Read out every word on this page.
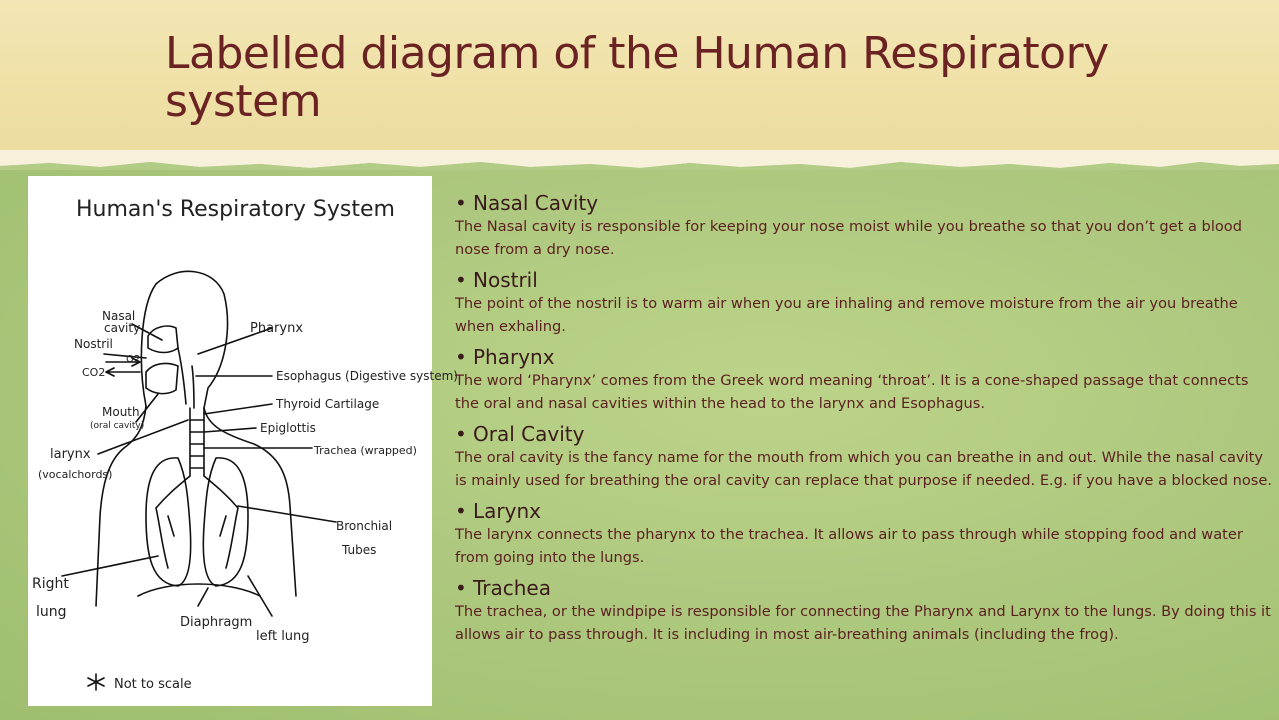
Labelled diagram of the Human Respiratory system
Human's Respiratory System
Nasal
cavity
Nostril
O2
CO2
Mouth
(oral cavity)
larynx
(vocalchords)
Pharynx
Esophagus (Digestive system)
Thyroid Cartilage
Epiglottis
Trachea (wrapped)
Bronchial
Tubes
Right
lung
Diaphragm
left lung
Not to scale

• Nasal Cavity

The Nasal cavity is responsible for keeping your nose moist while you breathe so that you don’t get a blood nose from a dry nose.

• Nostril

The point of the nostril is to warm air when you are inhaling and remove moisture from the air you breathe when exhaling.

• Pharynx

The word ‘Pharynx’ comes from the Greek word meaning ‘throat’. It is a cone-shaped passage that connects the oral and nasal cavities within the head to the larynx and Esophagus.

• Oral Cavity

The oral cavity is the fancy name for the mouth from which you can breathe in and out. While the nasal cavity is mainly used for breathing the oral cavity can replace that purpose if needed. E.g. if you have a blocked nose.

• Larynx

The larynx connects the pharynx to the trachea. It allows air to pass through while stopping food and water from going into the lungs.

• Trachea

The trachea, or the windpipe is responsible for connecting the Pharynx and Larynx to the lungs. By doing this it allows air to pass through. It is including in most air-breathing animals (including the frog).
